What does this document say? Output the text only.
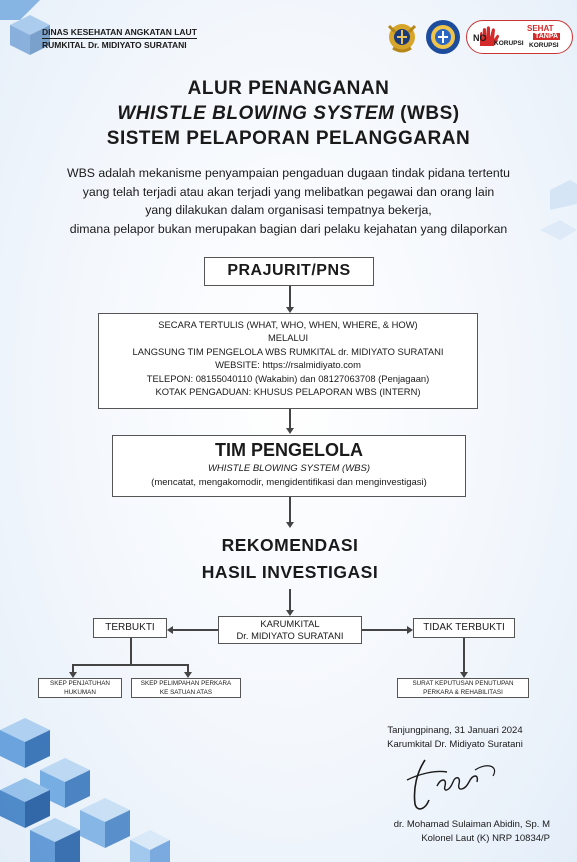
DINAS KESEHATAN ANGKATAN LAUT
RUMKITAL Dr. MIDIYATO SURATANI
NO
KORUPSI
SEHAT
TANPA
KORUPSI
ALUR PENANGANAN
WHISTLE BLOWING SYSTEM (WBS)
SISTEM PELAPORAN PELANGGARAN
WBS adalah mekanisme penyampaian pengaduan dugaan tindak pidana tertentu
yang telah terjadi atau akan terjadi yang melibatkan pegawai dan orang lain
yang dilakukan dalam organisasi tempatnya bekerja,
dimana pelapor bukan merupakan bagian dari pelaku kejahatan yang dilaporkan
PRAJURIT/PNS
SECARA TERTULIS (WHAT, WHO, WHEN, WHERE, & HOW)
MELALUI
LANGSUNG TIM PENGELOLA WBS RUMKITAL dr. MIDIYATO SURATANI
WEBSITE: https://rsalmidiyato.com
TELEPON: 08155040110 (Wakabin) dan 08127063708 (Penjagaan)
KOTAK PENGADUAN: KHUSUS PELAPORAN WBS (INTERN)
TIM PENGELOLA
WHISTLE BLOWING SYSTEM (WBS)
(mencatat, mengakomodir, mengidentifikasi dan menginvestigasi)
REKOMENDASI
HASIL INVESTIGASI
KARUMKITAL
Dr. MIDIYATO SURATANI
TERBUKTI	TIDAK TERBUKTI
SKEP PENJATUHAN
HUKUMAN
SKEP PELIMPAHAN PERKARA
KE SATUAN ATAS
SURAT KEPUTUSAN PENUTUPAN
PERKARA & REHABILITASI
Tanjungpinang, 31 Januari 2024
Karumkital Dr. Midiyato Suratani
dr. Mohamad Sulaiman Abidin, Sp. M
Kolonel Laut (K) NRP 10834/P
